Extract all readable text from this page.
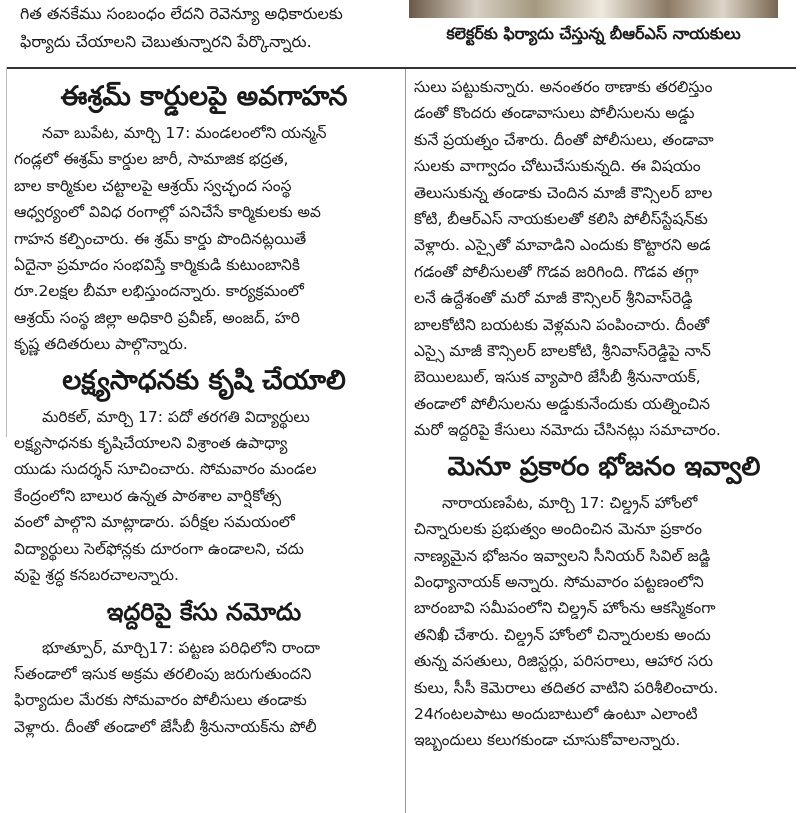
గిత తనకేము సంబంధం లేదని రెవెన్యూ అధికారులకు

ఫిర్యాదు చేయాలని చెబుతున్నారని పేర్కొన్నారు.	కలెక్టర్‌కు ఫిర్యాదు చేస్తున్న బీఆర్‌ఎస్‌ నాయకులు
ఈశ్రమ్‌ కార్డులపై అవగాహన
నవా బుపేట, మార్చి 17: మండలంలోని యన్మన్‌
గండ్లలో ఈశ్రమ్‌ కార్డుల జారీ, సామాజిక భద్రత,
బాల కార్మికుల చట్టాలపై ఆశ్రయ్‌ స్వచ్ఛంద సంస్థ
ఆధ్వర్యంలో వివిధ రంగాల్లో పనిచేసే కార్మికులకు అవ
గాహన కల్పించారు. ఈ శ్రమ్‌ కార్డు పొందినట్లయితే
ఏదైనా ప్రమాదం సంభవిస్తే కార్మికుడి కుటుంబానికి
రూ.2లక్షల బీమా లభిస్తుందన్నారు. కార్యక్రమంలో
ఆశ్రయ్‌ సంస్థ జిల్లా అధికారి ప్రవీణ్‌, అంజద్‌, హరి
కృష్ణ తదితరులు పాల్గొన్నారు.
లక్ష్యసాధనకు కృషి చేయాలి
మరికల్‌, మార్చి 17: పదో తరగతి విద్యార్థులు
లక్ష్యసాధనకు కృషిచేయాలని విశ్రాంత ఉపాధ్యా
యుడు సుదర్శన్‌ సూచించారు. సోమవారం మండల
కేంద్రంలోని బాలుర ఉన్నత పాఠశాల వార్షికోత్స
వంలో పాల్గొని మాట్లాడారు. పరీక్షల సమయంలో
విద్యార్థులు సెల్‌ఫోన్లకు దూరంగా ఉండాలని, చదు
వుపై శ్రద్ధ కనబరచాలన్నారు.
ఇద్దరిపై కేసు నమోదు
భూత్పూర్‌, మార్చి17: పట్టణ పరిధిలోని రాందా
స్‌తండాలో ఇసుక అక్రమ తరలింపు జరుగుతుందని
ఫిర్యాదుల మేరకు సోమవారం పోలీసులు తండాకు
వెళ్లారు. దీంతో తండాలో జేసీబీ శ్రీనునాయక్‌ను పోలీ
సులు పట్టుకున్నారు. అనంతరం ఠాణాకు తరలిస్తుం
డంతో కొందరు తండావాసులు పోలీసులను అడ్డు
కునే ప్రయత్నం చేశారు. దీంతో పోలీసులు, తండావా
సులకు వాగ్వాదం చోటుచేసుకున్నది. ఈ విషయం
తెలుసుకున్న తండాకు చెందిన మాజీ కౌన్సిలర్‌ బాల
కోటి, బీఆర్‌ఎస్‌ నాయకులతో కలిసి పోలీస్‌స్టేషన్‌కు
వెళ్లారు. ఎస్సైతో మావాడిని ఎందుకు కొట్టారని అడ
గడంతో పోలీసులతో గొడవ జరిగింది. గొడవ తగ్గా
లనే ఉద్దేశంతో మరో మాజీ కౌన్సిలర్‌ శ్రీనివాస్‌రెడ్డి
బాలకోటిని బయటకు వెళ్లమని పంపించారు. దీంతో
ఎస్సై మాజీ కౌన్సిలర్‌ బాలకోటి, శ్రీనివాస్‌రెడ్డిపై నాన్‌
బెయిలబుల్‌, ఇసుక వ్యాపారి జేసీబీ శ్రీనునాయక్‌,
తండాలో పోలీసులను అడ్డుకునేందుకు యత్నించిన
మరో ఇద్దరిపై కేసులు నమోదు చేసినట్లు సమాచారం.
మెనూ ప్రకారం భోజనం ఇవ్వాలి
నారాయణపేట, మార్చి 17: చిల్డ్రన్‌ హోంలో
చిన్నారులకు ప్రభుత్వం అందించిన మెనూ ప్రకారం
నాణ్యమైన భోజనం ఇవ్వాలని సీనియర్‌ సివిల్‌ జడ్జి
వింధ్యానాయక్‌ అన్నారు. సోమవారం పట్టణంలోని
బారంబావి సమీపంలోని చిల్డ్రన్‌ హోంను ఆకస్మికంగా
తనిఖీ చేశారు. చిల్డ్రన్‌ హోంలో చిన్నారులకు అందు
తున్న వసతులు, రిజిస్టర్లు, పరిసరాలు, ఆహార సరు
కులు, సీసీ కెమెరాలు తదితర వాటిని పరిశీలించారు.
24గంటలపాటు అందుబాటులో ఉంటూ ఎలాంటి
ఇబ్బందులు కలుగకుండా చూసుకోవాలన్నారు.
